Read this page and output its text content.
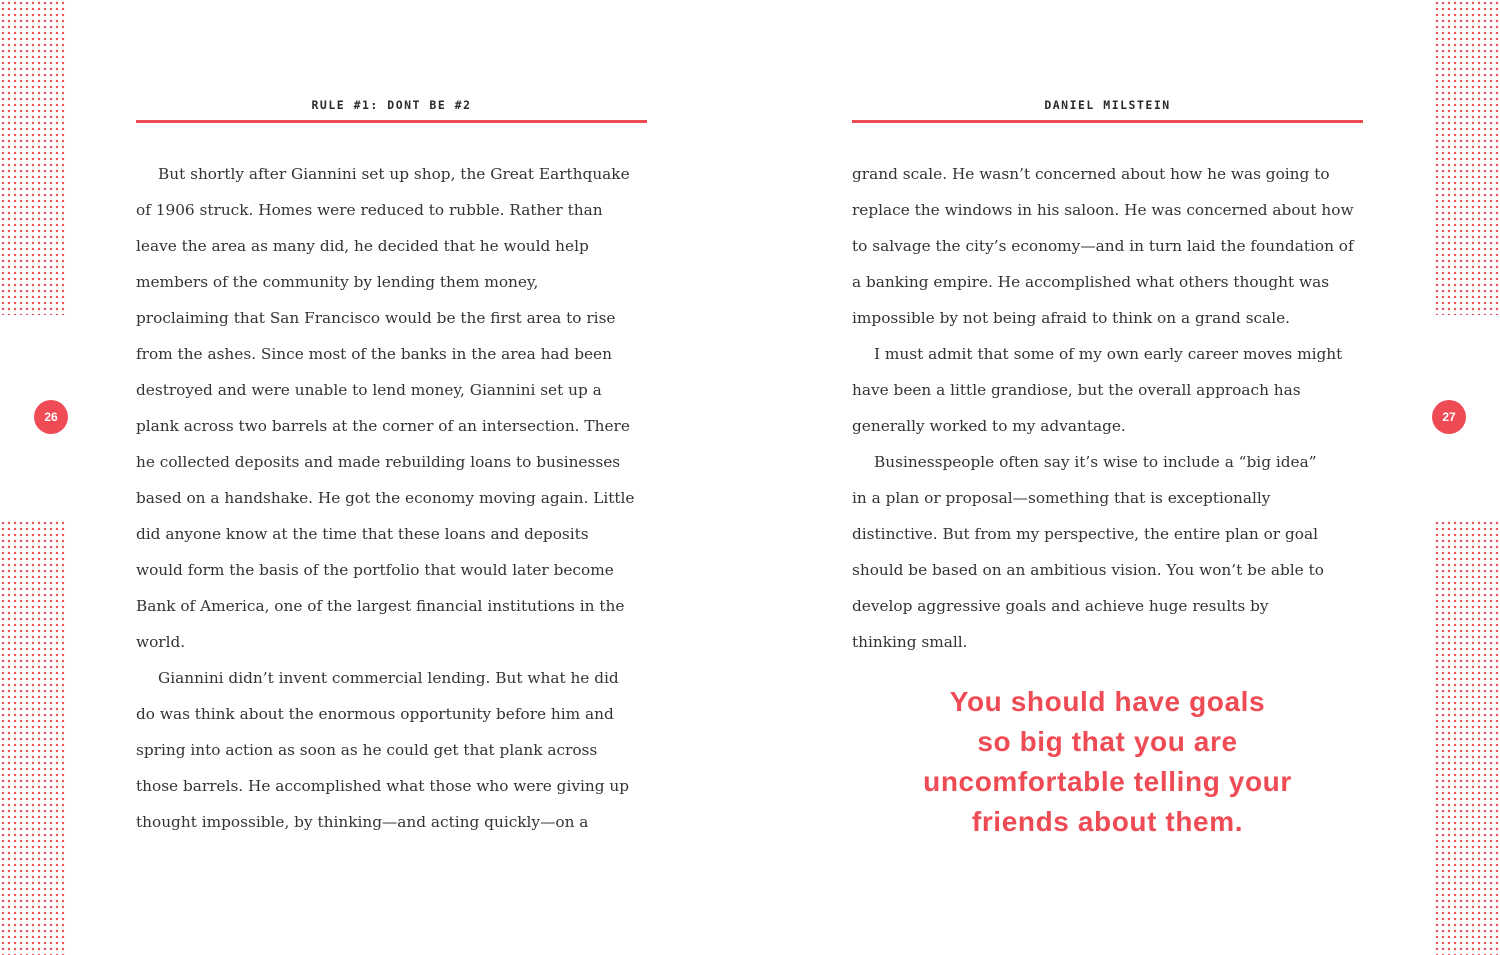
26	27
RULE #1: DONT BE #2

But shortly after Giannini set up shop, the Great Earthquake
of 1906 struck. Homes were reduced to rubble. Rather than
leave the area as many did, he decided that he would help
members of the community by lending them money,
proclaiming that San Francisco would be the first area to rise
from the ashes. Since most of the banks in the area had been
destroyed and were unable to lend money, Giannini set up a
plank across two barrels at the corner of an intersection. There
he collected deposits and made rebuilding loans to businesses
based on a handshake. He got the economy moving again. Little
did anyone know at the time that these loans and deposits
would form the basis of the portfolio that would later become
Bank of America, one of the largest financial institutions in the
world.

Giannini didn’t invent commercial lending. But what he did
do was think about the enormous opportunity before him and
spring into action as soon as he could get that plank across
those barrels. He accomplished what those who were giving up
thought impossible, by thinking—and acting quickly—on a

DANIEL MILSTEIN

grand scale. He wasn’t concerned about how he was going to
replace the windows in his saloon. He was concerned about how
to salvage the city’s economy—and in turn laid the foundation of
a banking empire. He accomplished what others thought was
impossible by not being afraid to think on a grand scale.

I must admit that some of my own early career moves might
have been a little grandiose, but the overall approach has
generally worked to my advantage.

Businesspeople often say it’s wise to include a “big idea”
in a plan or proposal—something that is exceptionally
distinctive. But from my perspective, the entire plan or goal
should be based on an ambitious vision. You won’t be able to
develop aggressive goals and achieve huge results by
thinking small.

You should have goals
so big that you are
uncomfortable telling your
friends about them.
